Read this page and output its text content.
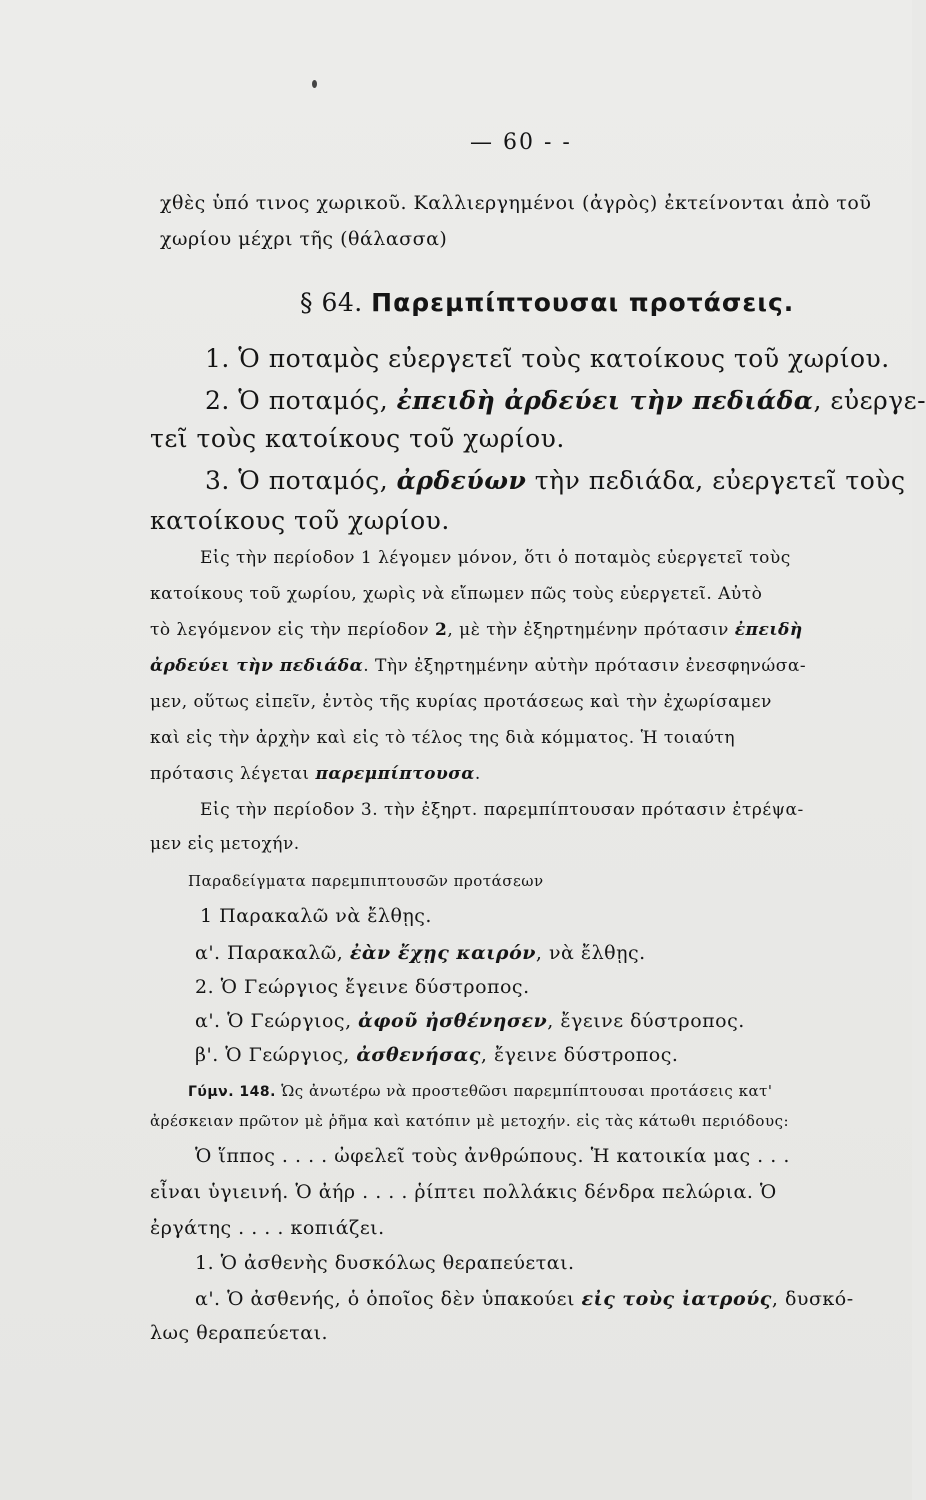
— 60 - -
χθὲς ὑπό τινος χωρικοῦ. Καλλιεργημένοι (ἀγρὸς) ἐκτείνονται ἀπὸ τοῦ
χωρίου μέχρι τῆς (θάλασσα)
§ 64. Παρεμπίπτουσαι προτάσεις.
1. Ὁ ποταμὸς εὐεργετεῖ τοὺς κατοίκους τοῦ χωρίου.
2. Ὁ ποταμός, ἐπειδὴ ἀρδεύει τὴν πεδιάδα, εὐεργε-
τεῖ τοὺς κατοίκους τοῦ χωρίου.
3. Ὁ ποταμός, ἀρδεύων τὴν πεδιάδα, εὐεργετεῖ τοὺς
κατοίκους τοῦ χωρίου.
Εἰς τὴν περίοδον 1 λέγομεν μόνον, ὅτι ὁ ποταμὸς εὐεργετεῖ τοὺς
κατοίκους τοῦ χωρίου, χωρὶς νὰ εἴπωμεν πῶς τοὺς εὐεργετεῖ. Αὐτὸ
τὸ λεγόμενον εἰς τὴν περίοδον 2, μὲ τὴν ἐξηρτημένην πρότασιν ἐπειδὴ
ἀρδεύει τὴν πεδιάδα. Τὴν ἐξηρτημένην αὐτὴν πρότασιν ἐνεσφηνώσα-
μεν, οὕτως εἰπεῖν, ἐντὸς τῆς κυρίας προτάσεως καὶ τὴν ἐχωρίσαμεν
καὶ εἰς τὴν ἀρχὴν καὶ εἰς τὸ τέλος της διὰ κόμματος. Ἡ τοιαύτη
πρότασις λέγεται παρεμπίπτουσα.
Εἰς τὴν περίοδον 3. τὴν ἐξηρτ. παρεμπίπτουσαν πρότασιν ἐτρέψα-
μεν εἰς μετοχήν.
Παραδείγματα παρεμπιπτουσῶν προτάσεων
1 Παρακαλῶ νὰ ἔλθῃς.
α'. Παρακαλῶ, ἐὰν ἔχῃς καιρόν, νὰ ἔλθῃς.
2. Ὁ Γεώργιος ἔγεινε δύστροπος.
α'. Ὁ Γεώργιος, ἀφοῦ ἠσθένησεν, ἔγεινε δύστροπος.
β'. Ὁ Γεώργιος, ἀσθενήσας, ἔγεινε δύστροπος.
Γύμν. 148. Ὡς ἀνωτέρω νὰ προστεθῶσι παρεμπίπτουσαι προτάσεις κατ'
ἀρέσκειαν πρῶτον μὲ ῥῆμα καὶ κατόπιν μὲ μετοχήν. εἰς τὰς κάτωθι περιόδους:
Ὁ ἵππος . . . . ὠφελεῖ τοὺς ἀνθρώπους. Ἡ κατοικία μας . . .
εἶναι ὑγιεινή. Ὁ ἀήρ . . . . ῥίπτει πολλάκις δένδρα πελώρια. Ὁ
ἐργάτης . . . . κοπιάζει.
1. Ὁ ἀσθενὴς δυσκόλως θεραπεύεται.
α'. Ὁ ἀσθενής, ὁ ὁποῖος δὲν ὑπακούει εἰς τοὺς ἰατρούς, δυσκό-
λως θεραπεύεται.
